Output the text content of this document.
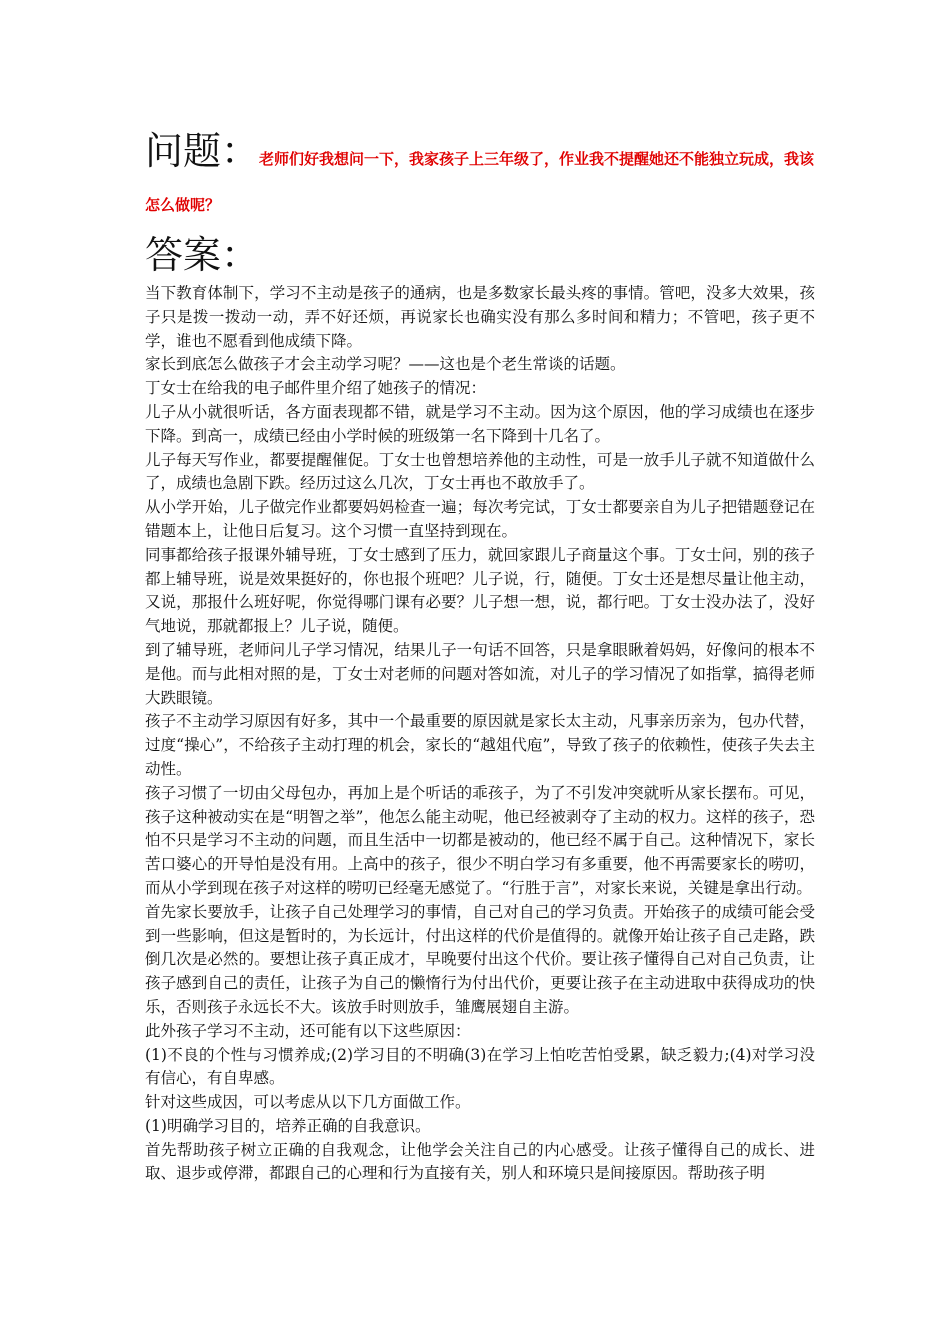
问题：老师们好我想问一下，我家孩子上三年级了，作业我不提醒她还不能独立玩成，我该怎么做呢？
答案：

当下教育体制下，学习不主动是孩子的通病，也是多数家长最头疼的事情。管吧，没多大效果，孩子只是拨一拨动一动，弄不好还烦，再说家长也确实没有那么多时间和精力；不管吧，孩子更不学，谁也不愿看到他成绩下降。

家长到底怎么做孩子才会主动学习呢？——这也是个老生常谈的话题。

丁女士在给我的电子邮件里介绍了她孩子的情况：

儿子从小就很听话，各方面表现都不错，就是学习不主动。因为这个原因，他的学习成绩也在逐步下降。到高一，成绩已经由小学时候的班级第一名下降到十几名了。

儿子每天写作业，都要提醒催促。丁女士也曾想培养他的主动性，可是一放手儿子就不知道做什么了，成绩也急剧下跌。经历过这么几次，丁女士再也不敢放手了。

从小学开始，儿子做完作业都要妈妈检查一遍；每次考完试，丁女士都要亲自为儿子把错题登记在错题本上，让他日后复习。这个习惯一直坚持到现在。

同事都给孩子报课外辅导班，丁女士感到了压力，就回家跟儿子商量这个事。丁女士问，别的孩子都上辅导班，说是效果挺好的，你也报个班吧？儿子说，行，随便。丁女士还是想尽量让他主动，又说，那报什么班好呢，你觉得哪门课有必要？儿子想一想，说，都行吧。丁女士没办法了，没好气地说，那就都报上？儿子说，随便。

到了辅导班，老师问儿子学习情况，结果儿子一句话不回答，只是拿眼瞅着妈妈，好像问的根本不是他。而与此相对照的是，丁女士对老师的问题对答如流，对儿子的学习情况了如指掌，搞得老师大跌眼镜。

孩子不主动学习原因有好多，其中一个最重要的原因就是家长太主动，凡事亲历亲为，包办代替，过度“操心”，不给孩子主动打理的机会，家长的“越俎代庖”，导致了孩子的依赖性，使孩子失去主动性。

孩子习惯了一切由父母包办，再加上是个听话的乖孩子，为了不引发冲突就听从家长摆布。可见，孩子这种被动实在是“明智之举”，他怎么能主动呢，他已经被剥夺了主动的权力。这样的孩子，恐怕不只是学习不主动的问题，而且生活中一切都是被动的，他已经不属于自己。这种情况下，家长苦口婆心的开导怕是没有用。上高中的孩子，很少不明白学习有多重要，他不再需要家长的唠叨，而从小学到现在孩子对这样的唠叨已经毫无感觉了。“行胜于言”，对家长来说，关键是拿出行动。

首先家长要放手，让孩子自己处理学习的事情，自己对自己的学习负责。开始孩子的成绩可能会受到一些影响，但这是暂时的，为长远计，付出这样的代价是值得的。就像开始让孩子自己走路，跌倒几次是必然的。要想让孩子真正成才，早晚要付出这个代价。要让孩子懂得自己对自己负责，让孩子感到自己的责任，让孩子为自己的懒惰行为付出代价，更要让孩子在主动进取中获得成功的快乐，否则孩子永远长不大。该放手时则放手，雏鹰展翅自主游。

此外孩子学习不主动，还可能有以下这些原因：

(1)不良的个性与习惯养成;(2)学习目的不明确(3)在学习上怕吃苦怕受累，缺乏毅力;(4)对学习没有信心，有自卑感。

针对这些成因，可以考虑从以下几方面做工作。

(1)明确学习目的，培养正确的自我意识。

首先帮助孩子树立正确的自我观念，让他学会关注自己的内心感受。让孩子懂得自己的成长、进取、退步或停滞，都跟自己的心理和行为直接有关，别人和环境只是间接原因。帮助孩子明
